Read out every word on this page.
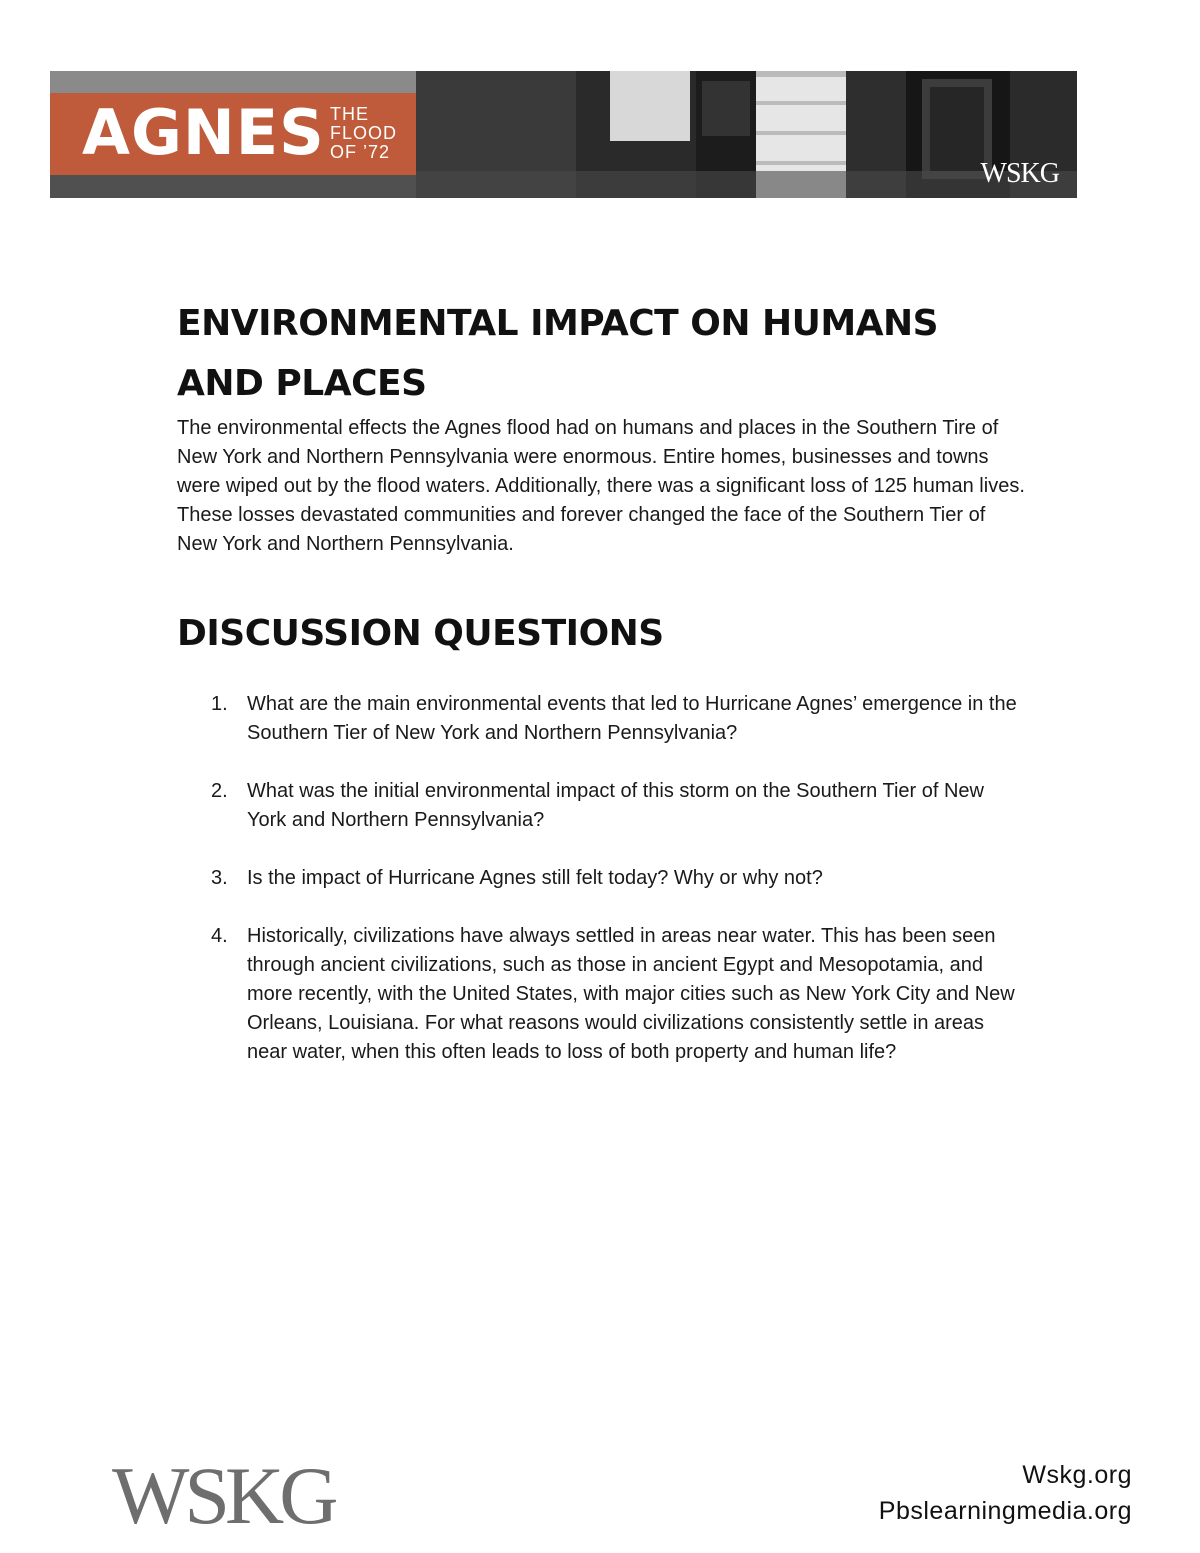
AGNES THE
FLOOD
OF ’72
WSKG
ENVIRONMENTAL IMPACT ON HUMANS AND PLACES

The environmental effects the Agnes flood had on humans and places in the Southern Tire of New York and Northern Pennsylvania were enormous. Entire homes, businesses and towns were wiped out by the flood waters. Additionally, there was a significant loss of 125 human lives. These losses devastated communities and forever changed the face of the Southern Tier of New York and Northern Pennsylvania.

DISCUSSION QUESTIONS
1. What are the main environmental events that led to Hurricane Agnes’ emergence in the Southern Tier of New York and Northern Pennsylvania?
2. What was the initial environmental impact of this storm on the Southern Tier of New York and Northern Pennsylvania?
3. Is the impact of Hurricane Agnes still felt today? Why or why not?
4. Historically, civilizations have always settled in areas near water. This has been seen through ancient civilizations, such as those in ancient Egypt and Mesopotamia, and more recently, with the United States, with major cities such as New York City and New Orleans, Louisiana. For what reasons would civilizations consistently settle in areas near water, when this often leads to loss of both property and human life?
WSKG	Wskg.org
Pbslearningmedia.org
